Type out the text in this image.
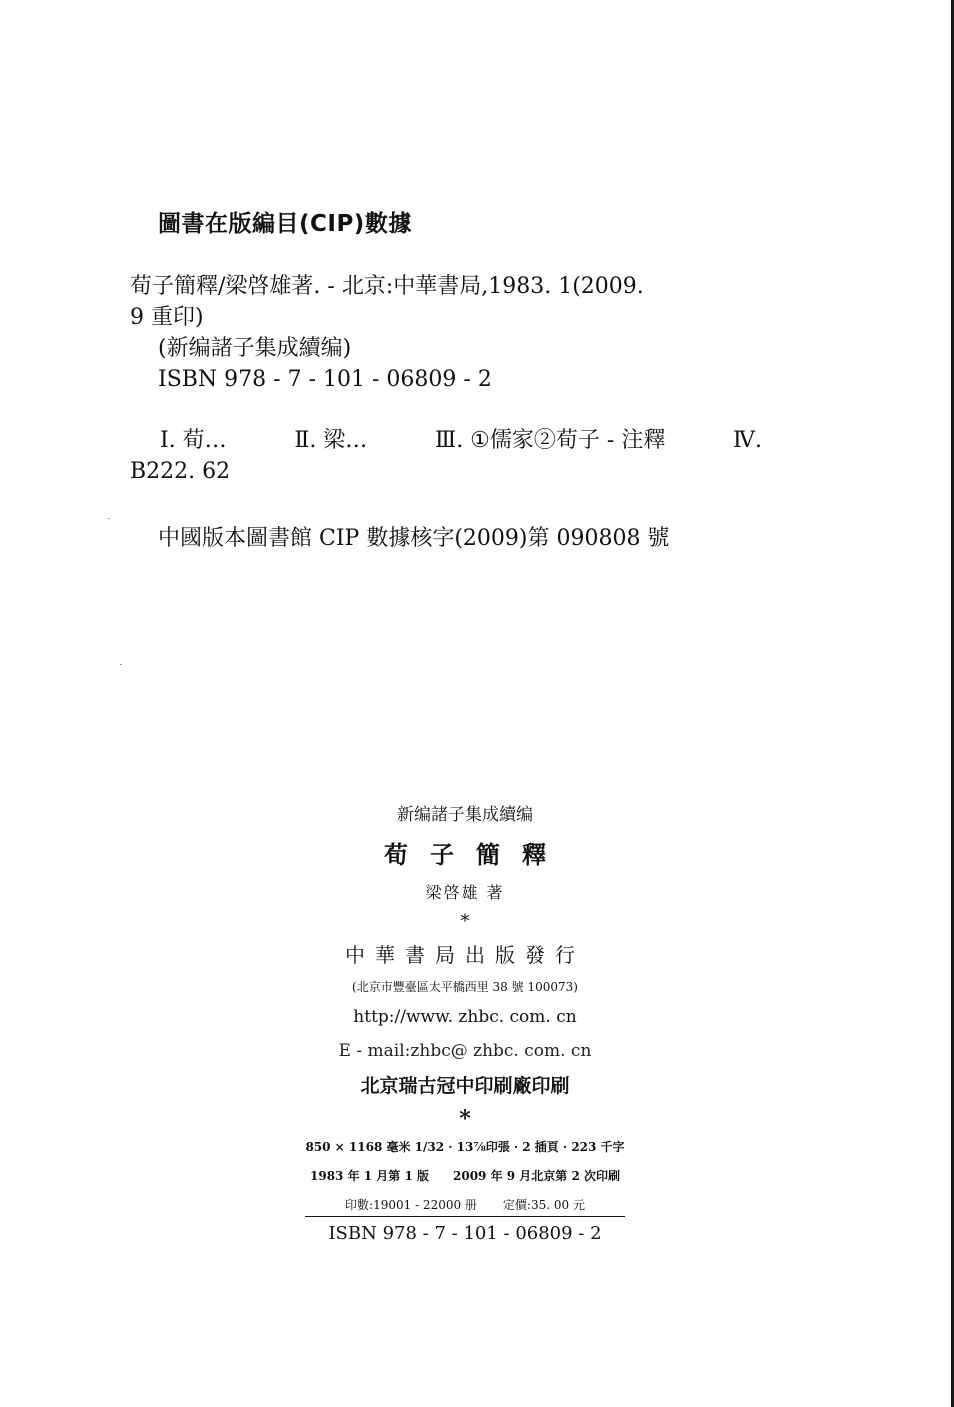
圖書在版編目(CIP)數據
荀子簡釋/梁啓雄著. - 北京:中華書局,1983. 1(2009.
9 重印)
(新编諸子集成續编)
ISBN 978 - 7 - 101 - 06809 - 2
Ⅰ. 荀…	Ⅱ. 梁…	Ⅲ. ①儒家②荀子 - 注釋	Ⅳ.
B222. 62
中國版本圖書館 CIP 數據核字(2009)第 090808 號
新编諸子集成續编
荀子簡釋
梁啓雄 著
*
中華書局出版發行
(北京市豐臺區太平橋西里 38 號 100073)
http://www. zhbc. com. cn
E - mail:zhbc@ zhbc. com. cn
北京瑞古冠中印刷廠印刷
*
850 × 1168 毫米 1/32 · 13⅞印張 · 2 插頁 · 223 千字
1983 年 1 月第 1 版 2009 年 9 月北京第 2 次印刷
印數:19001 - 22000 册 定價:35. 00 元
ISBN 978 - 7 - 101 - 06809 - 2
